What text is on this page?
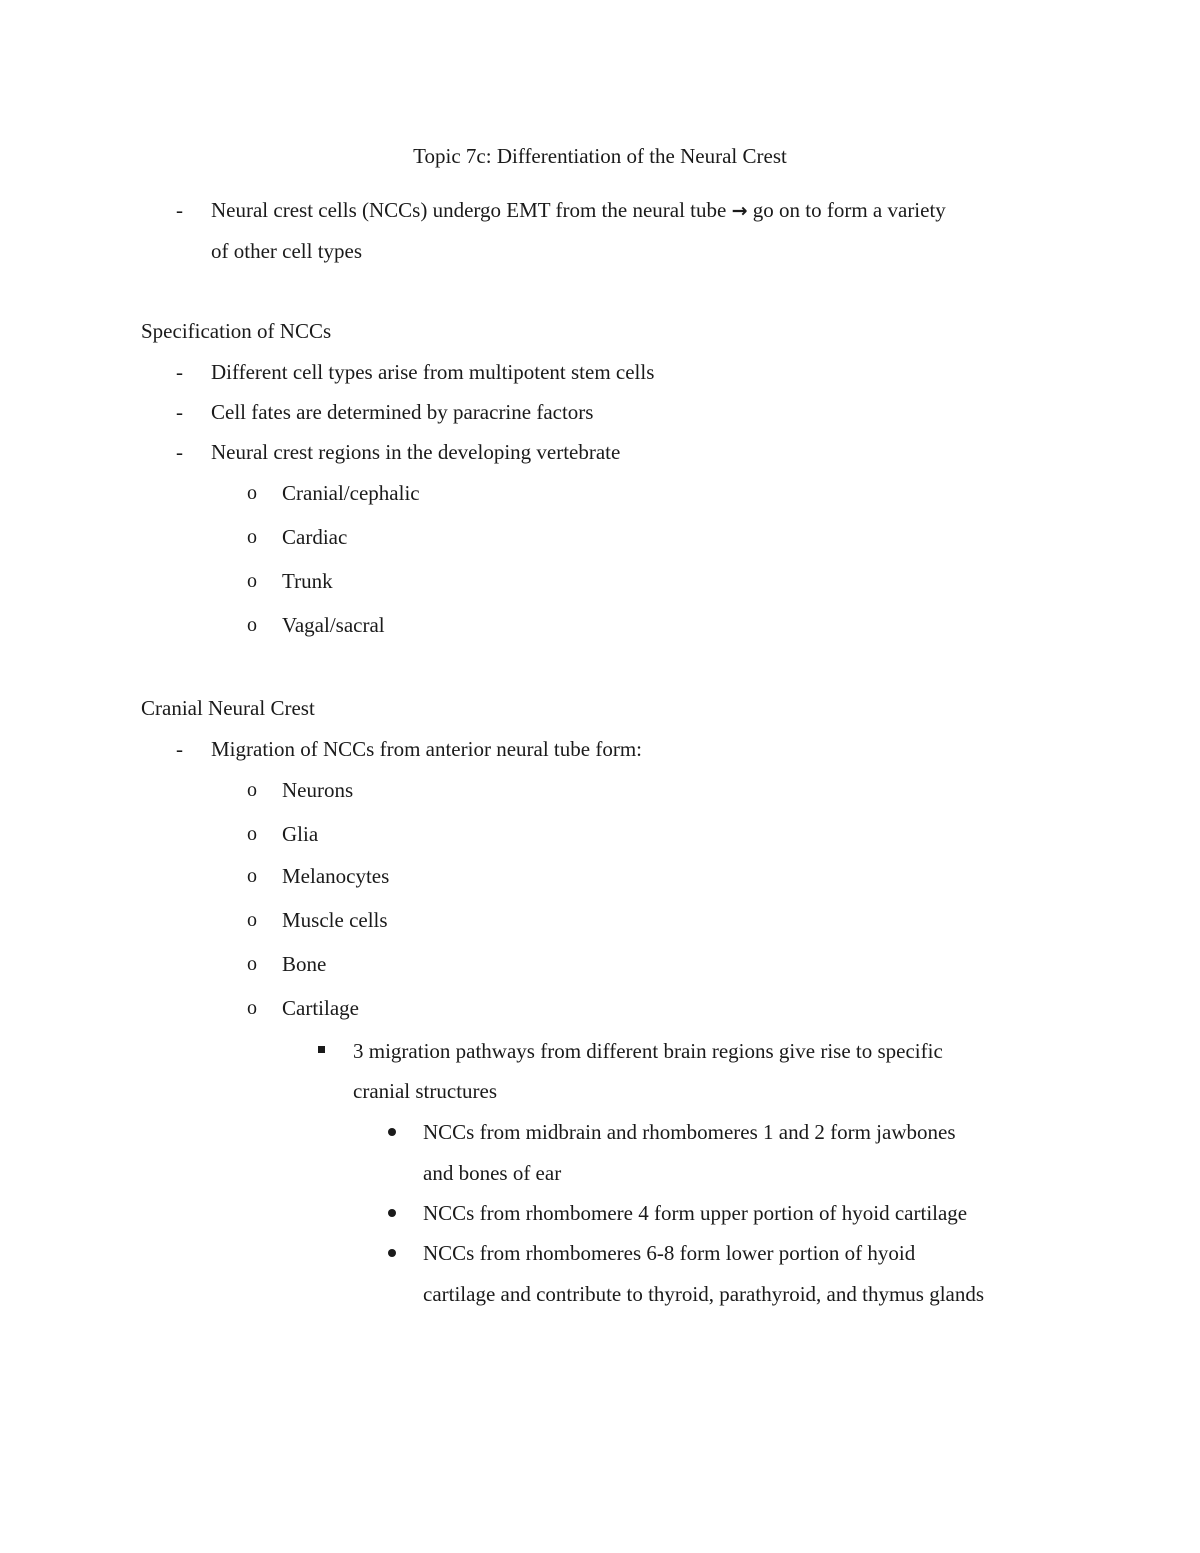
Topic 7c: Differentiation of the Neural Crest
-	Neural crest cells (NCCs) undergo EMT from the neural tube → go on to form a variety
of other cell types
Specification of NCCs
-	Different cell types arise from multipotent stem cells
-	Cell fates are determined by paracrine factors
-	Neural crest regions in the developing vertebrate
o Cranial/cephalic
o Cardiac
o Trunk
o Vagal/sacral
Cranial Neural Crest
-	Migration of NCCs from anterior neural tube form:
o Neurons
o Glia
o Melanocytes
o Muscle cells
o Bone
o Cartilage
3 migration pathways from different brain regions give rise to specific
cranial structures
NCCs from midbrain and rhombomeres 1 and 2 form jawbones
and bones of ear
NCCs from rhombomere 4 form upper portion of hyoid cartilage
NCCs from rhombomeres 6-8 form lower portion of hyoid
cartilage and contribute to thyroid, parathyroid, and thymus glands
